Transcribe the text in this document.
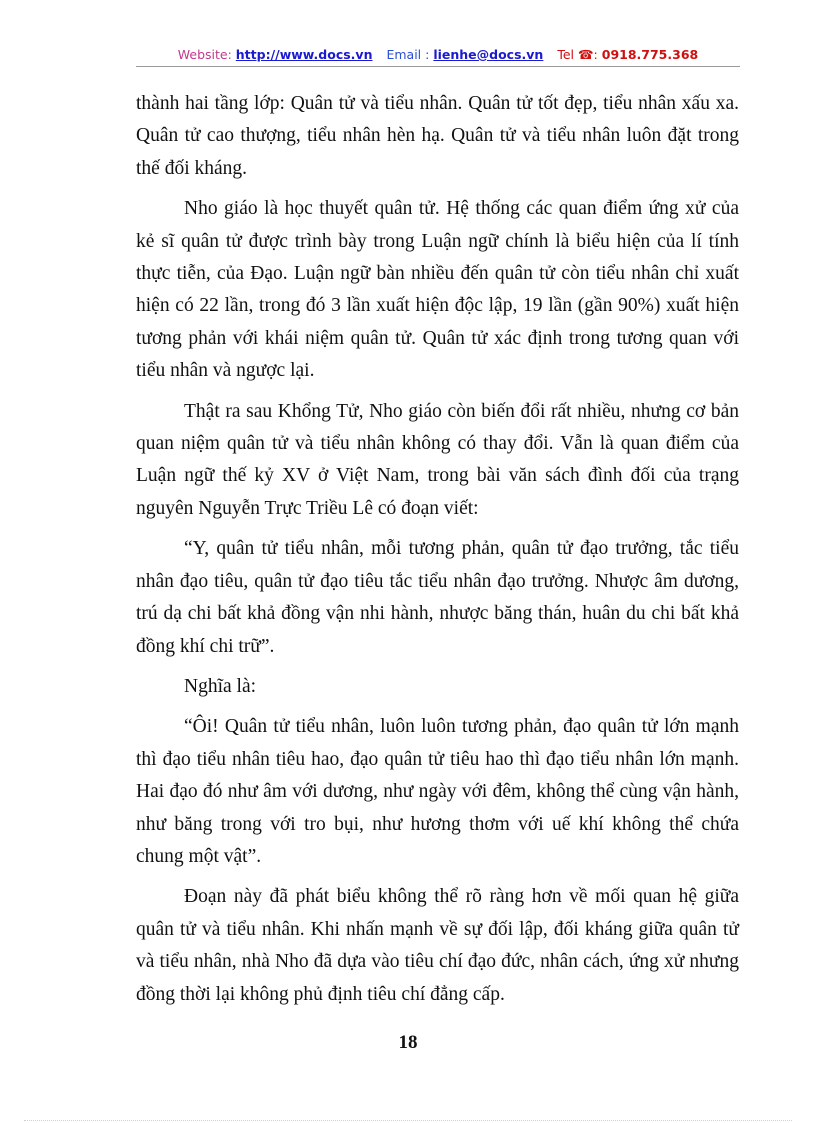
Website: http://www.docs.vn Email : lienhe@docs.vn Tel ☎: 0918.775.368

thành hai tầng lớp: Quân tử và tiểu nhân. Quân tử tốt đẹp, tiểu nhân xấu xa. Quân tử cao thượng, tiểu nhân hèn hạ. Quân tử và tiểu nhân luôn đặt trong thế đối kháng.

Nho giáo là học thuyết quân tử. Hệ thống các quan điểm ứng xử của kẻ sĩ quân tử được trình bày trong Luận ngữ chính là biểu hiện của lí tính thực tiễn, của Đạo. Luận ngữ bàn nhiều đến quân tử còn tiểu nhân chỉ xuất hiện có 22 lần, trong đó 3 lần xuất hiện độc lập, 19 lần (gần 90%) xuất hiện tương phản với khái niệm quân tử. Quân tử xác định trong tương quan với tiểu nhân và ngược lại.

Thật ra sau Khổng Tử, Nho giáo còn biến đổi rất nhiều, nhưng cơ bản quan niệm quân tử và tiểu nhân không có thay đổi. Vẫn là quan điểm của Luận ngữ thế kỷ XV ở Việt Nam, trong bài văn sách đình đối của trạng nguyên Nguyễn Trực Triều Lê có đoạn viết:

“Y, quân tử tiểu nhân, mỗi tương phản, quân tử đạo trưởng, tắc tiểu nhân đạo tiêu, quân tử đạo tiêu tắc tiểu nhân đạo trưởng. Nhược âm dương, trú dạ chi bất khả đồng vận nhi hành, nhược băng thán, huân du chi bất khả đồng khí chi trữ”.

Nghĩa là:

“Ôi! Quân tử tiểu nhân, luôn luôn tương phản, đạo quân tử lớn mạnh thì đạo tiểu nhân tiêu hao, đạo quân tử tiêu hao thì đạo tiểu nhân lớn mạnh. Hai đạo đó như âm với dương, như ngày với đêm, không thể cùng vận hành, như băng trong với tro bụi, như hương thơm với uế khí không thể chứa chung một vật”.

Đoạn này đã phát biểu không thể rõ ràng hơn về mối quan hệ giữa quân tử và tiểu nhân. Khi nhấn mạnh về sự đối lập, đối kháng giữa quân tử và tiểu nhân, nhà Nho đã dựa vào tiêu chí đạo đức, nhân cách, ứng xử nhưng đồng thời lại không phủ định tiêu chí đẳng cấp.

18
